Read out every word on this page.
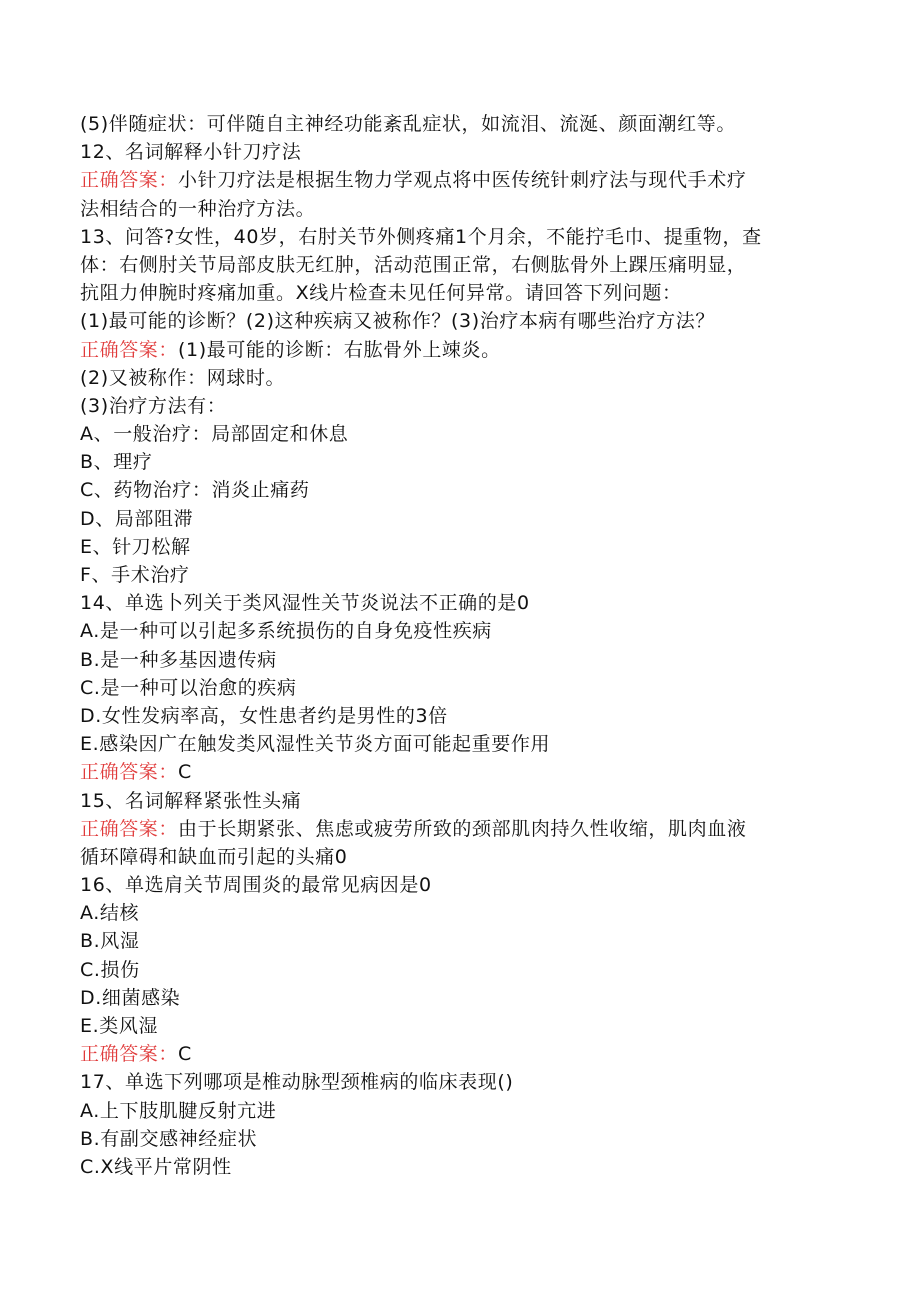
(5)伴随症状：可伴随自主神经功能紊乱症状，如流泪、流涎、颜面潮红等。
12、名词解释小针刀疗法
正确答案：小针刀疗法是根据生物力学观点将中医传统针刺疗法与现代手术疗
法相结合的一种治疗方法。
13、问答?女性，40岁，右肘关节外侧疼痛1个月余，不能拧毛巾、提重物，查
体：右侧肘关节局部皮肤无红肿，活动范围正常，右侧肱骨外上踝压痛明显，
抗阻力伸腕时疼痛加重。X线片检查未见任何异常。请回答下列问题：
(1)最可能的诊断？(2)这种疾病又被称作？(3)治疗本病有哪些治疗方法？
正确答案：(1)最可能的诊断：右肱骨外上竦炎。
(2)又被称作：网球时。
(3)治疗方法有：
A、一般治疗：局部固定和休息
B、理疗
C、药物治疗：消炎止痛药
D、局部阻滞
E、针刀松解
F、手术治疗
14、单选卜列关于类风湿性关节炎说法不正确的是0
A.是一种可以引起多系统损伤的自身免疫性疾病
B.是一种多基因遗传病
C.是一种可以治愈的疾病
D.女性发病率高，女性患者约是男性的3倍
E.感染因广在触发类风湿性关节炎方面可能起重要作用
正确答案：C
15、名词解释紧张性头痛
正确答案：由于长期紧张、焦虑或疲劳所致的颈部肌肉持久性收缩，肌肉血液
循环障碍和缺血而引起的头痛0
16、单选肩关节周围炎的最常见病因是0
A.结核
B.风湿
C.损伤
D.细菌感染
E.类风湿
正确答案：C
17、单选下列哪项是椎动脉型颈椎病的临床表现()
A.上下肢肌腱反射亢进
B.有副交感神经症状
C.X线平片常阴性
